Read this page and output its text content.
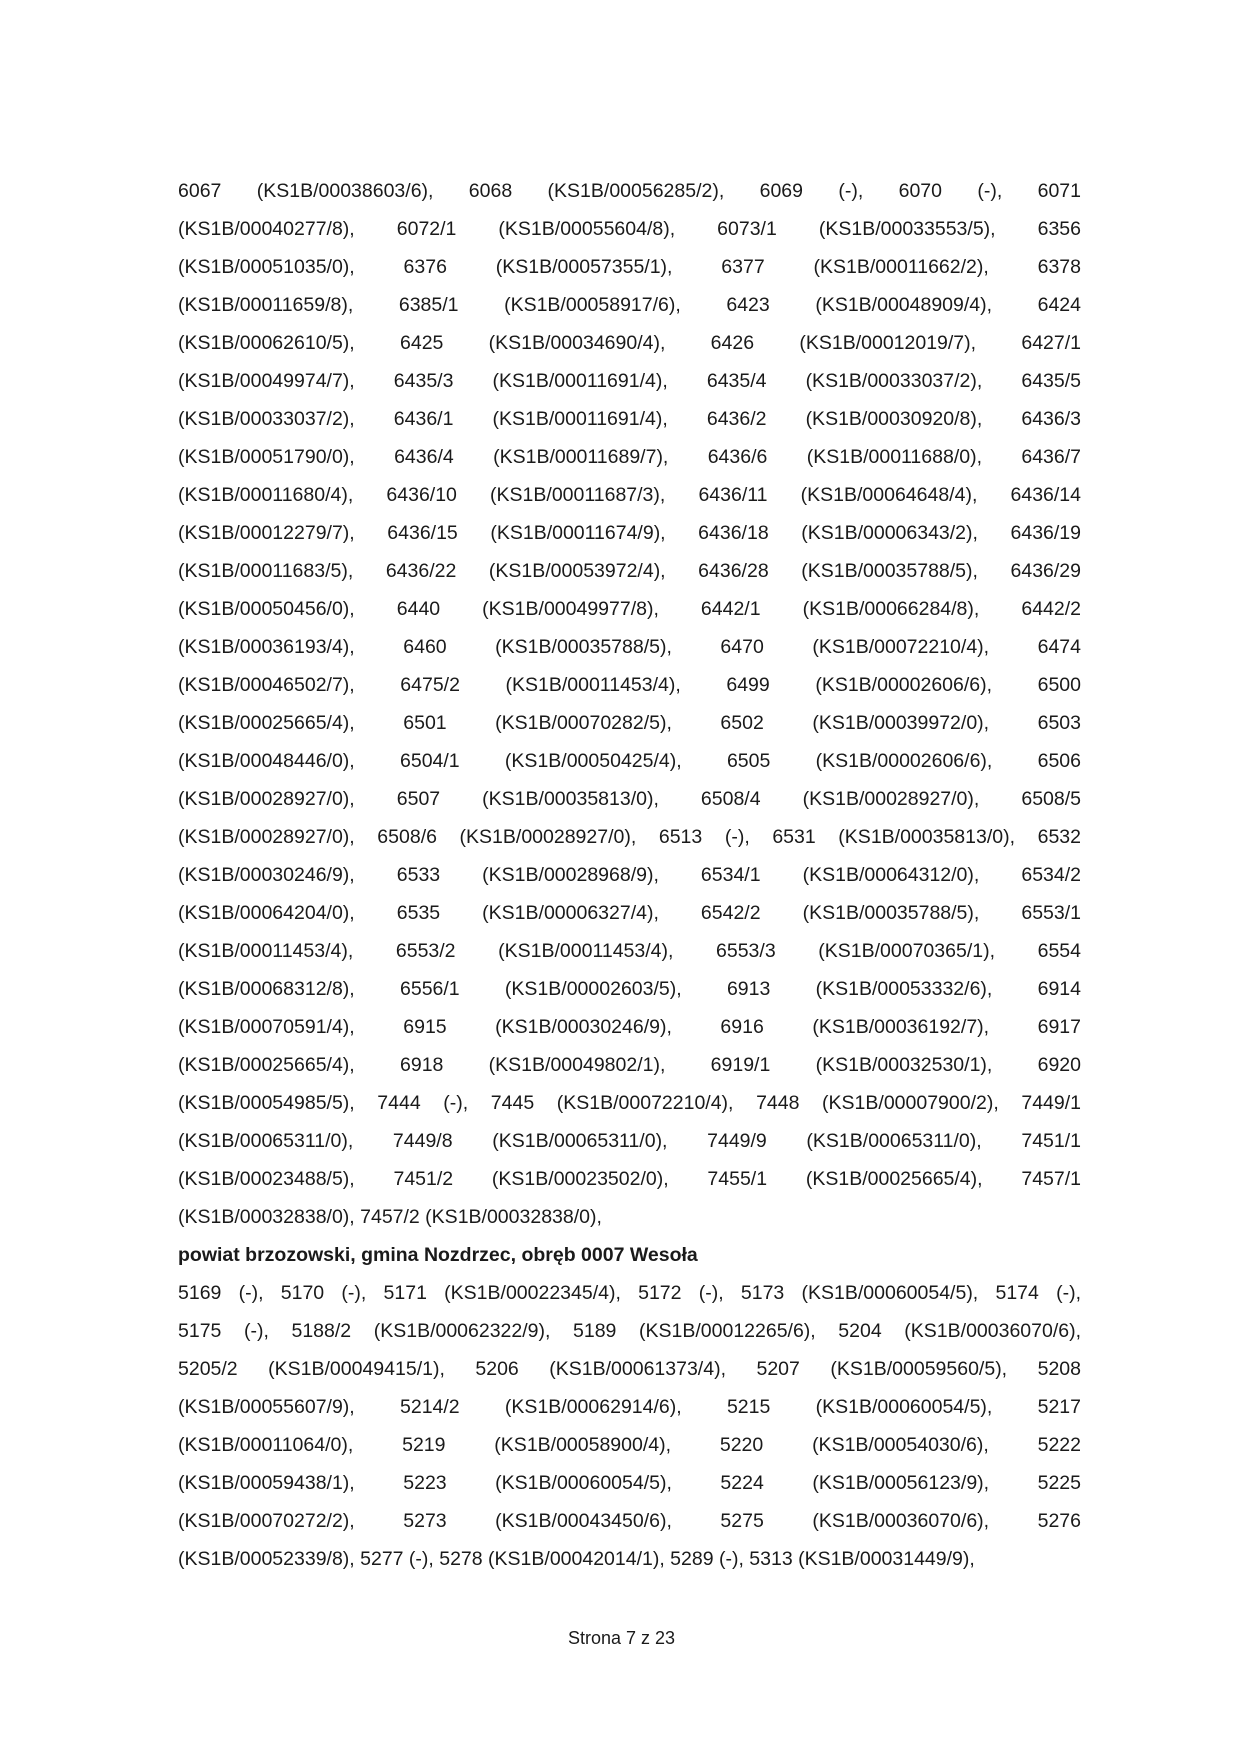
6067 (KS1B/00038603/6), 6068 (KS1B/00056285/2), 6069 (-), 6070 (-), 6071
(KS1B/00040277/8), 6072/1 (KS1B/00055604/8), 6073/1 (KS1B/00033553/5), 6356
(KS1B/00051035/0), 6376 (KS1B/00057355/1), 6377 (KS1B/00011662/2), 6378
(KS1B/00011659/8), 6385/1 (KS1B/00058917/6), 6423 (KS1B/00048909/4), 6424
(KS1B/00062610/5), 6425 (KS1B/00034690/4), 6426 (KS1B/00012019/7), 6427/1
(KS1B/00049974/7), 6435/3 (KS1B/00011691/4), 6435/4 (KS1B/00033037/2), 6435/5
(KS1B/00033037/2), 6436/1 (KS1B/00011691/4), 6436/2 (KS1B/00030920/8), 6436/3
(KS1B/00051790/0), 6436/4 (KS1B/00011689/7), 6436/6 (KS1B/00011688/0), 6436/7
(KS1B/00011680/4), 6436/10 (KS1B/00011687/3), 6436/11 (KS1B/00064648/4), 6436/14
(KS1B/00012279/7), 6436/15 (KS1B/00011674/9), 6436/18 (KS1B/00006343/2), 6436/19
(KS1B/00011683/5), 6436/22 (KS1B/00053972/4), 6436/28 (KS1B/00035788/5), 6436/29
(KS1B/00050456/0), 6440 (KS1B/00049977/8), 6442/1 (KS1B/00066284/8), 6442/2
(KS1B/00036193/4), 6460 (KS1B/00035788/5), 6470 (KS1B/00072210/4), 6474
(KS1B/00046502/7), 6475/2 (KS1B/00011453/4), 6499 (KS1B/00002606/6), 6500
(KS1B/00025665/4), 6501 (KS1B/00070282/5), 6502 (KS1B/00039972/0), 6503
(KS1B/00048446/0), 6504/1 (KS1B/00050425/4), 6505 (KS1B/00002606/6), 6506
(KS1B/00028927/0), 6507 (KS1B/00035813/0), 6508/4 (KS1B/00028927/0), 6508/5
(KS1B/00028927/0), 6508/6 (KS1B/00028927/0), 6513 (-), 6531 (KS1B/00035813/0), 6532
(KS1B/00030246/9), 6533 (KS1B/00028968/9), 6534/1 (KS1B/00064312/0), 6534/2
(KS1B/00064204/0), 6535 (KS1B/00006327/4), 6542/2 (KS1B/00035788/5), 6553/1
(KS1B/00011453/4), 6553/2 (KS1B/00011453/4), 6553/3 (KS1B/00070365/1), 6554
(KS1B/00068312/8), 6556/1 (KS1B/00002603/5), 6913 (KS1B/00053332/6), 6914
(KS1B/00070591/4), 6915 (KS1B/00030246/9), 6916 (KS1B/00036192/7), 6917
(KS1B/00025665/4), 6918 (KS1B/00049802/1), 6919/1 (KS1B/00032530/1), 6920
(KS1B/00054985/5), 7444 (-), 7445 (KS1B/00072210/4), 7448 (KS1B/00007900/2), 7449/1
(KS1B/00065311/0), 7449/8 (KS1B/00065311/0), 7449/9 (KS1B/00065311/0), 7451/1
(KS1B/00023488/5), 7451/2 (KS1B/00023502/0), 7455/1 (KS1B/00025665/4), 7457/1
(KS1B/00032838/0), 7457/2 (KS1B/00032838/0),
powiat brzozowski, gmina Nozdrzec, obręb 0007 Wesoła
5169 (-), 5170 (-), 5171 (KS1B/00022345/4), 5172 (-), 5173 (KS1B/00060054/5), 5174 (-),
5175 (-), 5188/2 (KS1B/00062322/9), 5189 (KS1B/00012265/6), 5204 (KS1B/00036070/6),
5205/2 (KS1B/00049415/1), 5206 (KS1B/00061373/4), 5207 (KS1B/00059560/5), 5208
(KS1B/00055607/9), 5214/2 (KS1B/00062914/6), 5215 (KS1B/00060054/5), 5217
(KS1B/00011064/0), 5219 (KS1B/00058900/4), 5220 (KS1B/00054030/6), 5222
(KS1B/00059438/1), 5223 (KS1B/00060054/5), 5224 (KS1B/00056123/9), 5225
(KS1B/00070272/2), 5273 (KS1B/00043450/6), 5275 (KS1B/00036070/6), 5276
(KS1B/00052339/8), 5277 (-), 5278 (KS1B/00042014/1), 5289 (-), 5313 (KS1B/00031449/9),
Strona 7 z 23
